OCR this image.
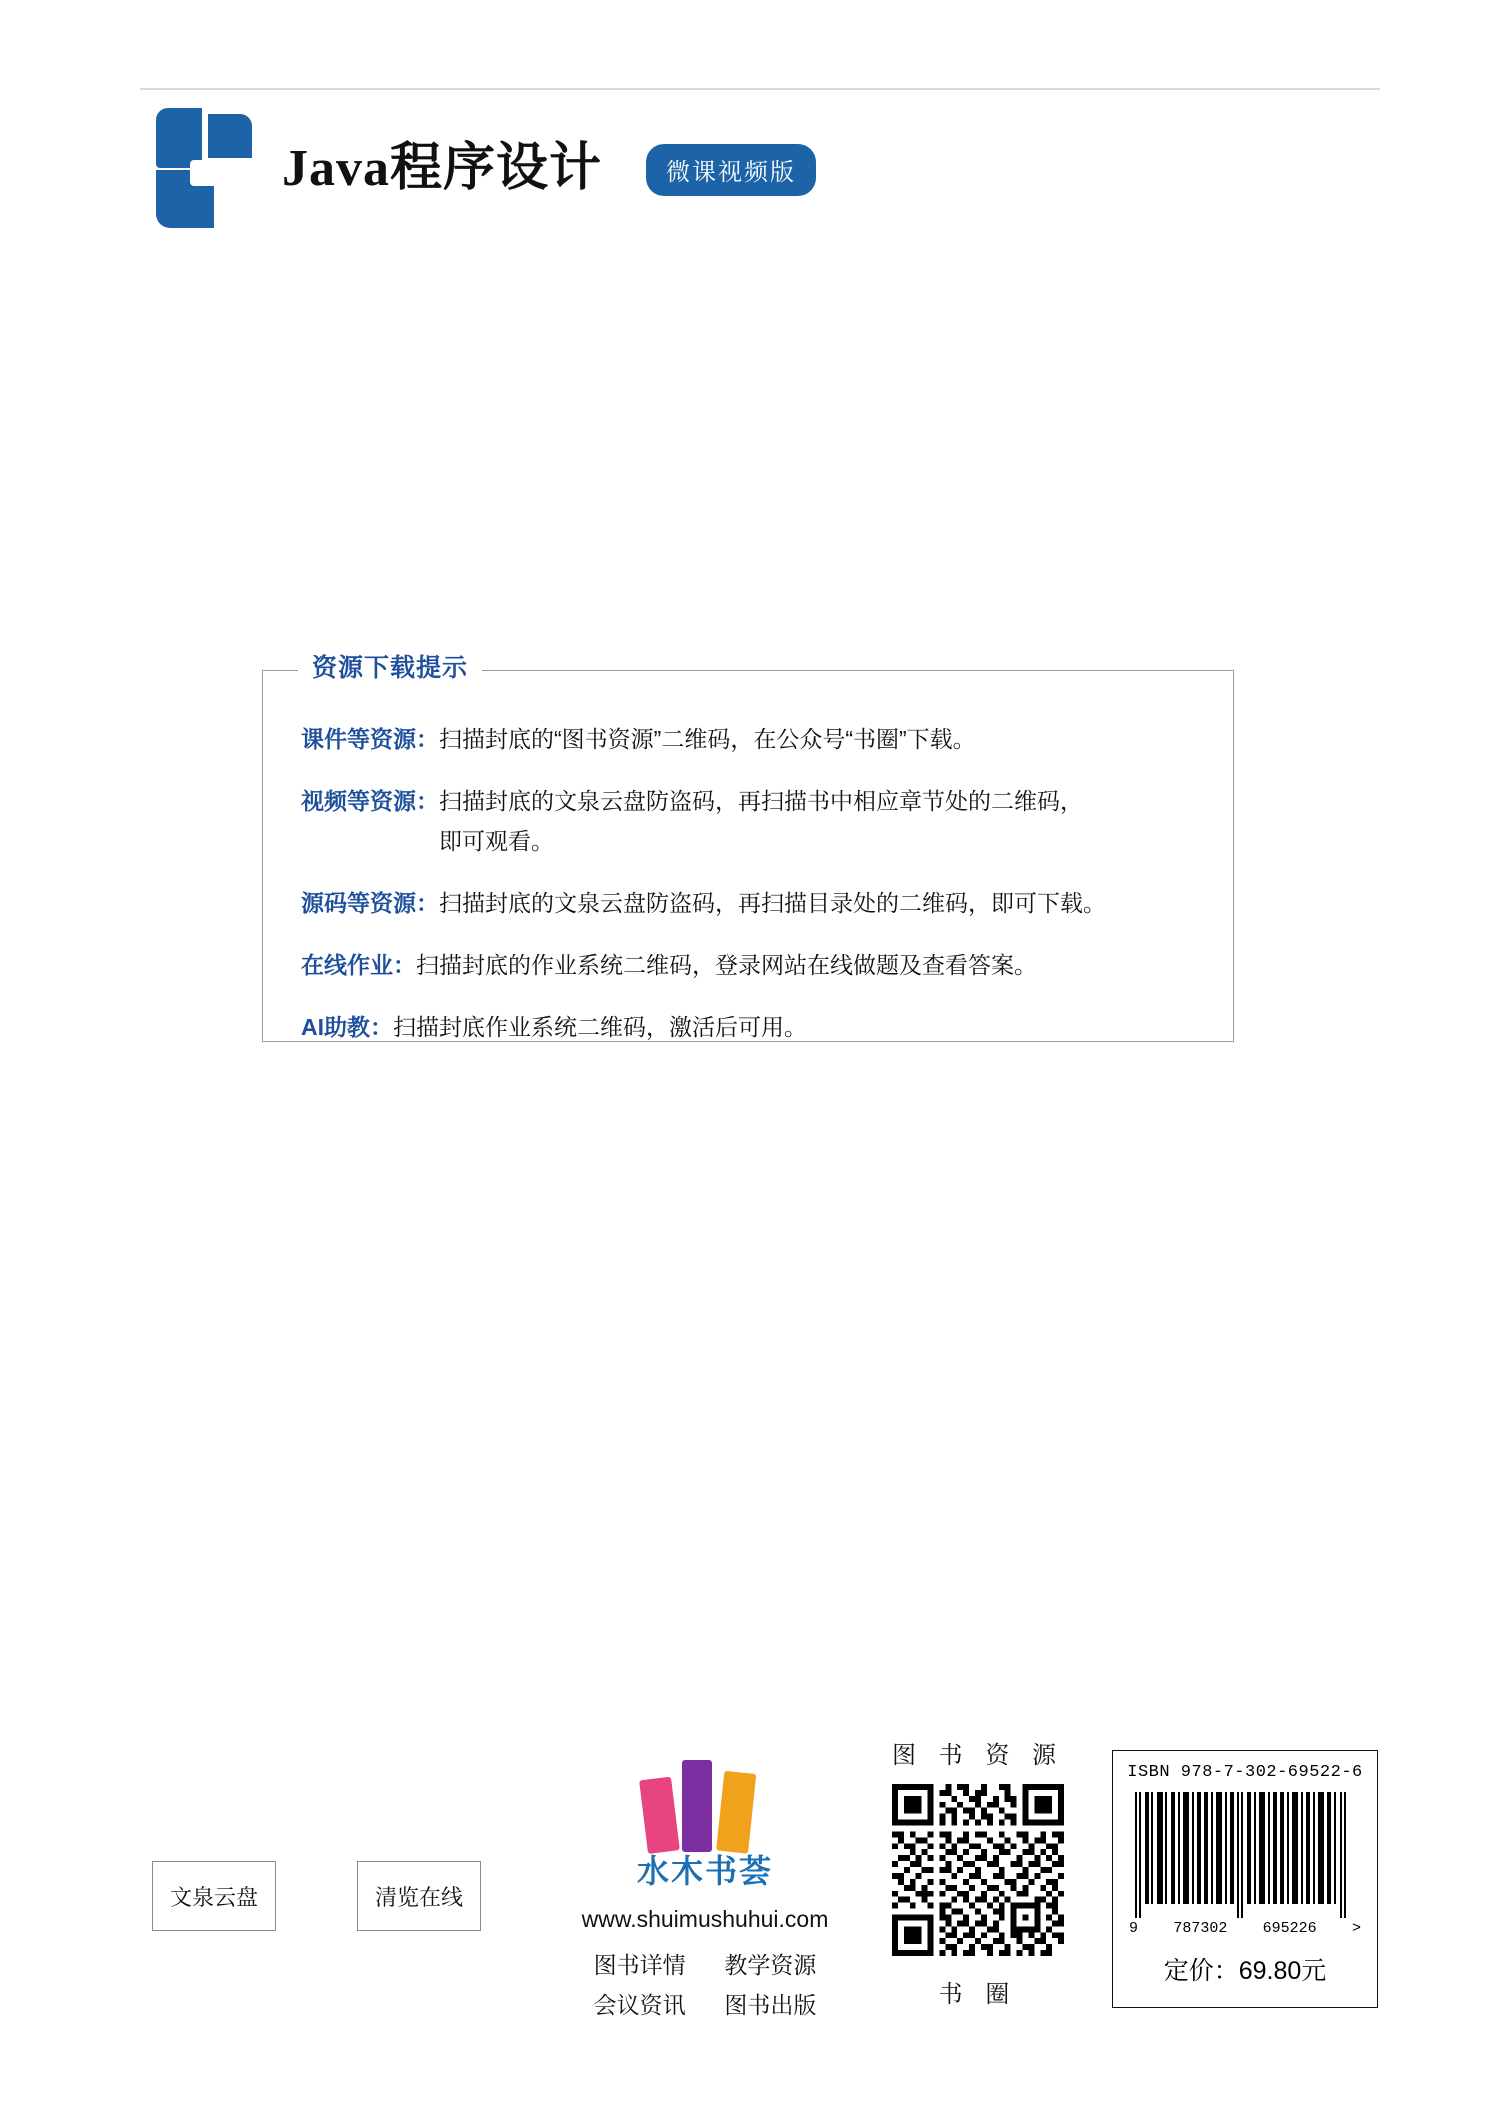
Java程序设计	微课视频版
课件等资源： 扫描封底的“图书资源”二维码，在公众号“书圈”下载。
视频等资源： 扫描封底的文泉云盘防盗码，再扫描书中相应章节处的二维码，
即可观看。
源码等资源： 扫描封底的文泉云盘防盗码，再扫描目录处的二维码，即可下载。
在线作业： 扫描封底的作业系统二维码，登录网站在线做题及查看答案。
AI助教： 扫描封底作业系统二维码，激活后可用。
资源下载提示
文泉云盘	清览在线
水木书荟
www.shuimushuhui.com
图书详情 教学资源
会议资讯 图书出版
图 书 资 源
书 圈
ISBN 978-7-302-69522-6
9 787302 695226 >
定价：69.80元
